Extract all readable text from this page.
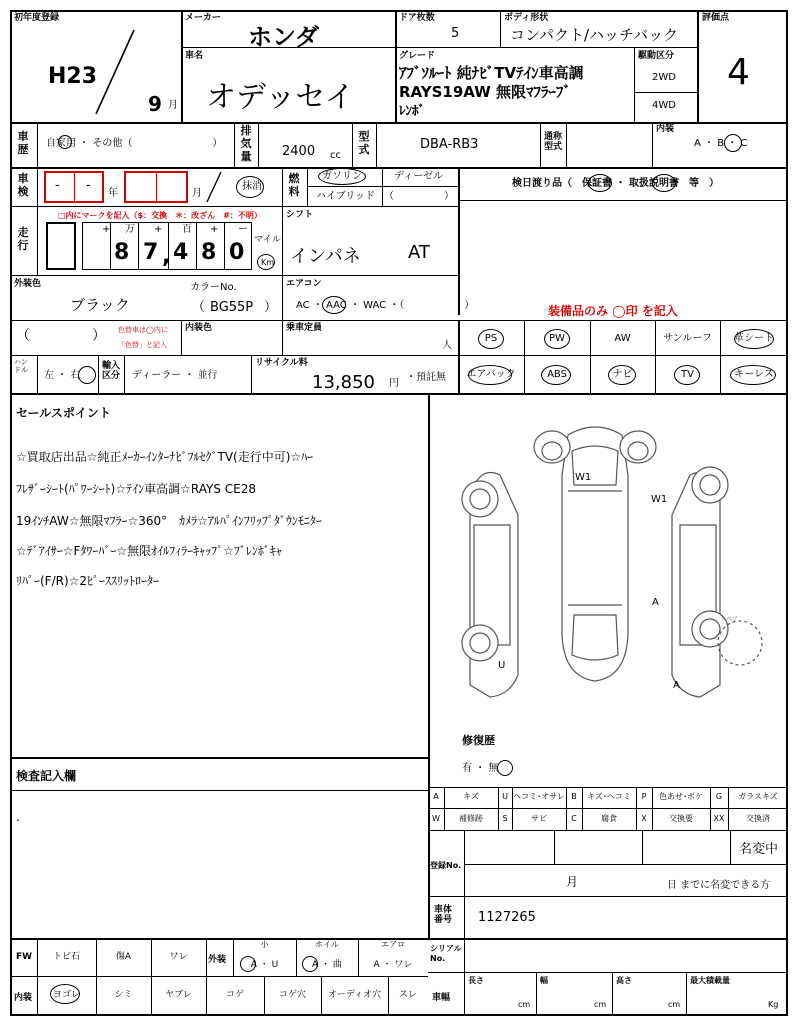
初年度登録
H23
9 月
メーカー
ホンダ
ドア枚数
5
ボディ形状
コンパクト/ハッチバック
評価点
4
車名
オデッセイ
グレード
ｱﾌﾞｿﾙｰﾄ 純ﾅﾋﾞTVﾃｲﾝ車高調
RAYS19AW 無限ﾏﾌﾗｰﾌﾞ
ﾚﾝﾎﾞ
駆動区分
2WD
4WD
車歴 自家用 ・ その他（　　　　　　　　）
排気量 2400 cc
型式	DBA-RB3	通称型式
内装
A ・ B ・ C
車検 - -
年	月
抹消
燃料
ガソリン	ディーゼル
ハイブリッド （　　　　　）
検日渡り品（　保証書 ・ 取扱説明書　等　）
走行
□内にマークを記入（$：交換　＊：改ざん　#：不明）
+ 万 + 百 + ー
8 7 , 4 8 0 マイル
Km
シフト
インパネ	AT
外装色
ブラック
カラーNo.
BG55P
（	）
エアコン
AC ・ AAC ・ WAC ・（　　　　　　）	装備品のみ ◯印 を記入
（	） 色替車は◯内に
「色替」と記入
内装色	乗車定員
人
PS	PW	AW	サンルーフ	革シート
エアバック	ABS	ナビ	TV	キーレス
ハンドル	左 ・ 右
輸入区分 ディーラー ・ 並行
リサイクル料
13,850 円
・預託無
セールスポイント
☆買取店出品☆純正ﾒｰｶｰｲﾝﾀｰﾅﾋﾞﾌﾙｾｸﾞTV(走行中可)☆ﾊｰ
ﾌﾚｻﾞｰｼｰﾄ(ﾊﾟﾜｰｼｰﾄ)☆ﾃｲﾝ車高調☆RAYS CE28
19ｲﾝﾁAW☆無限ﾏﾌﾗｰ☆360°　ｶﾒﾗ☆ｱﾙﾊﾟｲﾝﾌﾘｯﾌﾟﾀﾞｳﾝﾓﾆﾀｰ
☆ﾃﾞｱｲｻｰ☆Fﾀﾜｰﾊﾞｰ☆無限ｵｲﾙﾌｨﾗｰｷｬｯﾌﾟ☆ﾌﾞﾚﾝﾎﾞｷｬ
ﾘﾊﾟｰ(F/R)☆2ﾋﾟｰｽｽﾘｯﾄﾛｰﾀｰ
検査記入欄
.
W1
W1
A
U
A
スペア
修復歴
有 ・ 無
A	キズ	U ヘコミ･オサレ B	キズ･ヘコミ	P	色あせ･ボケ	G	ガラスキズ
W	補修跡	S	サビ	C	腐食	X	交換要	XX	交換済
登録No.
名変中
月	日 までに名変できる方
車体番号	1127265
FW	トビ石	傷A	ワレ	外装
小
A ・ U
ホイル
A ・ 曲
エアロ
A ・ ワレ
内装	ヨゴレ	シミ	ヤブレ	コゲ	コゲ穴	オーディオ穴	スレ
シリアルNo.
車幅
長さ	幅	高さ	最大積載量
cm	cm	cm	Kg
